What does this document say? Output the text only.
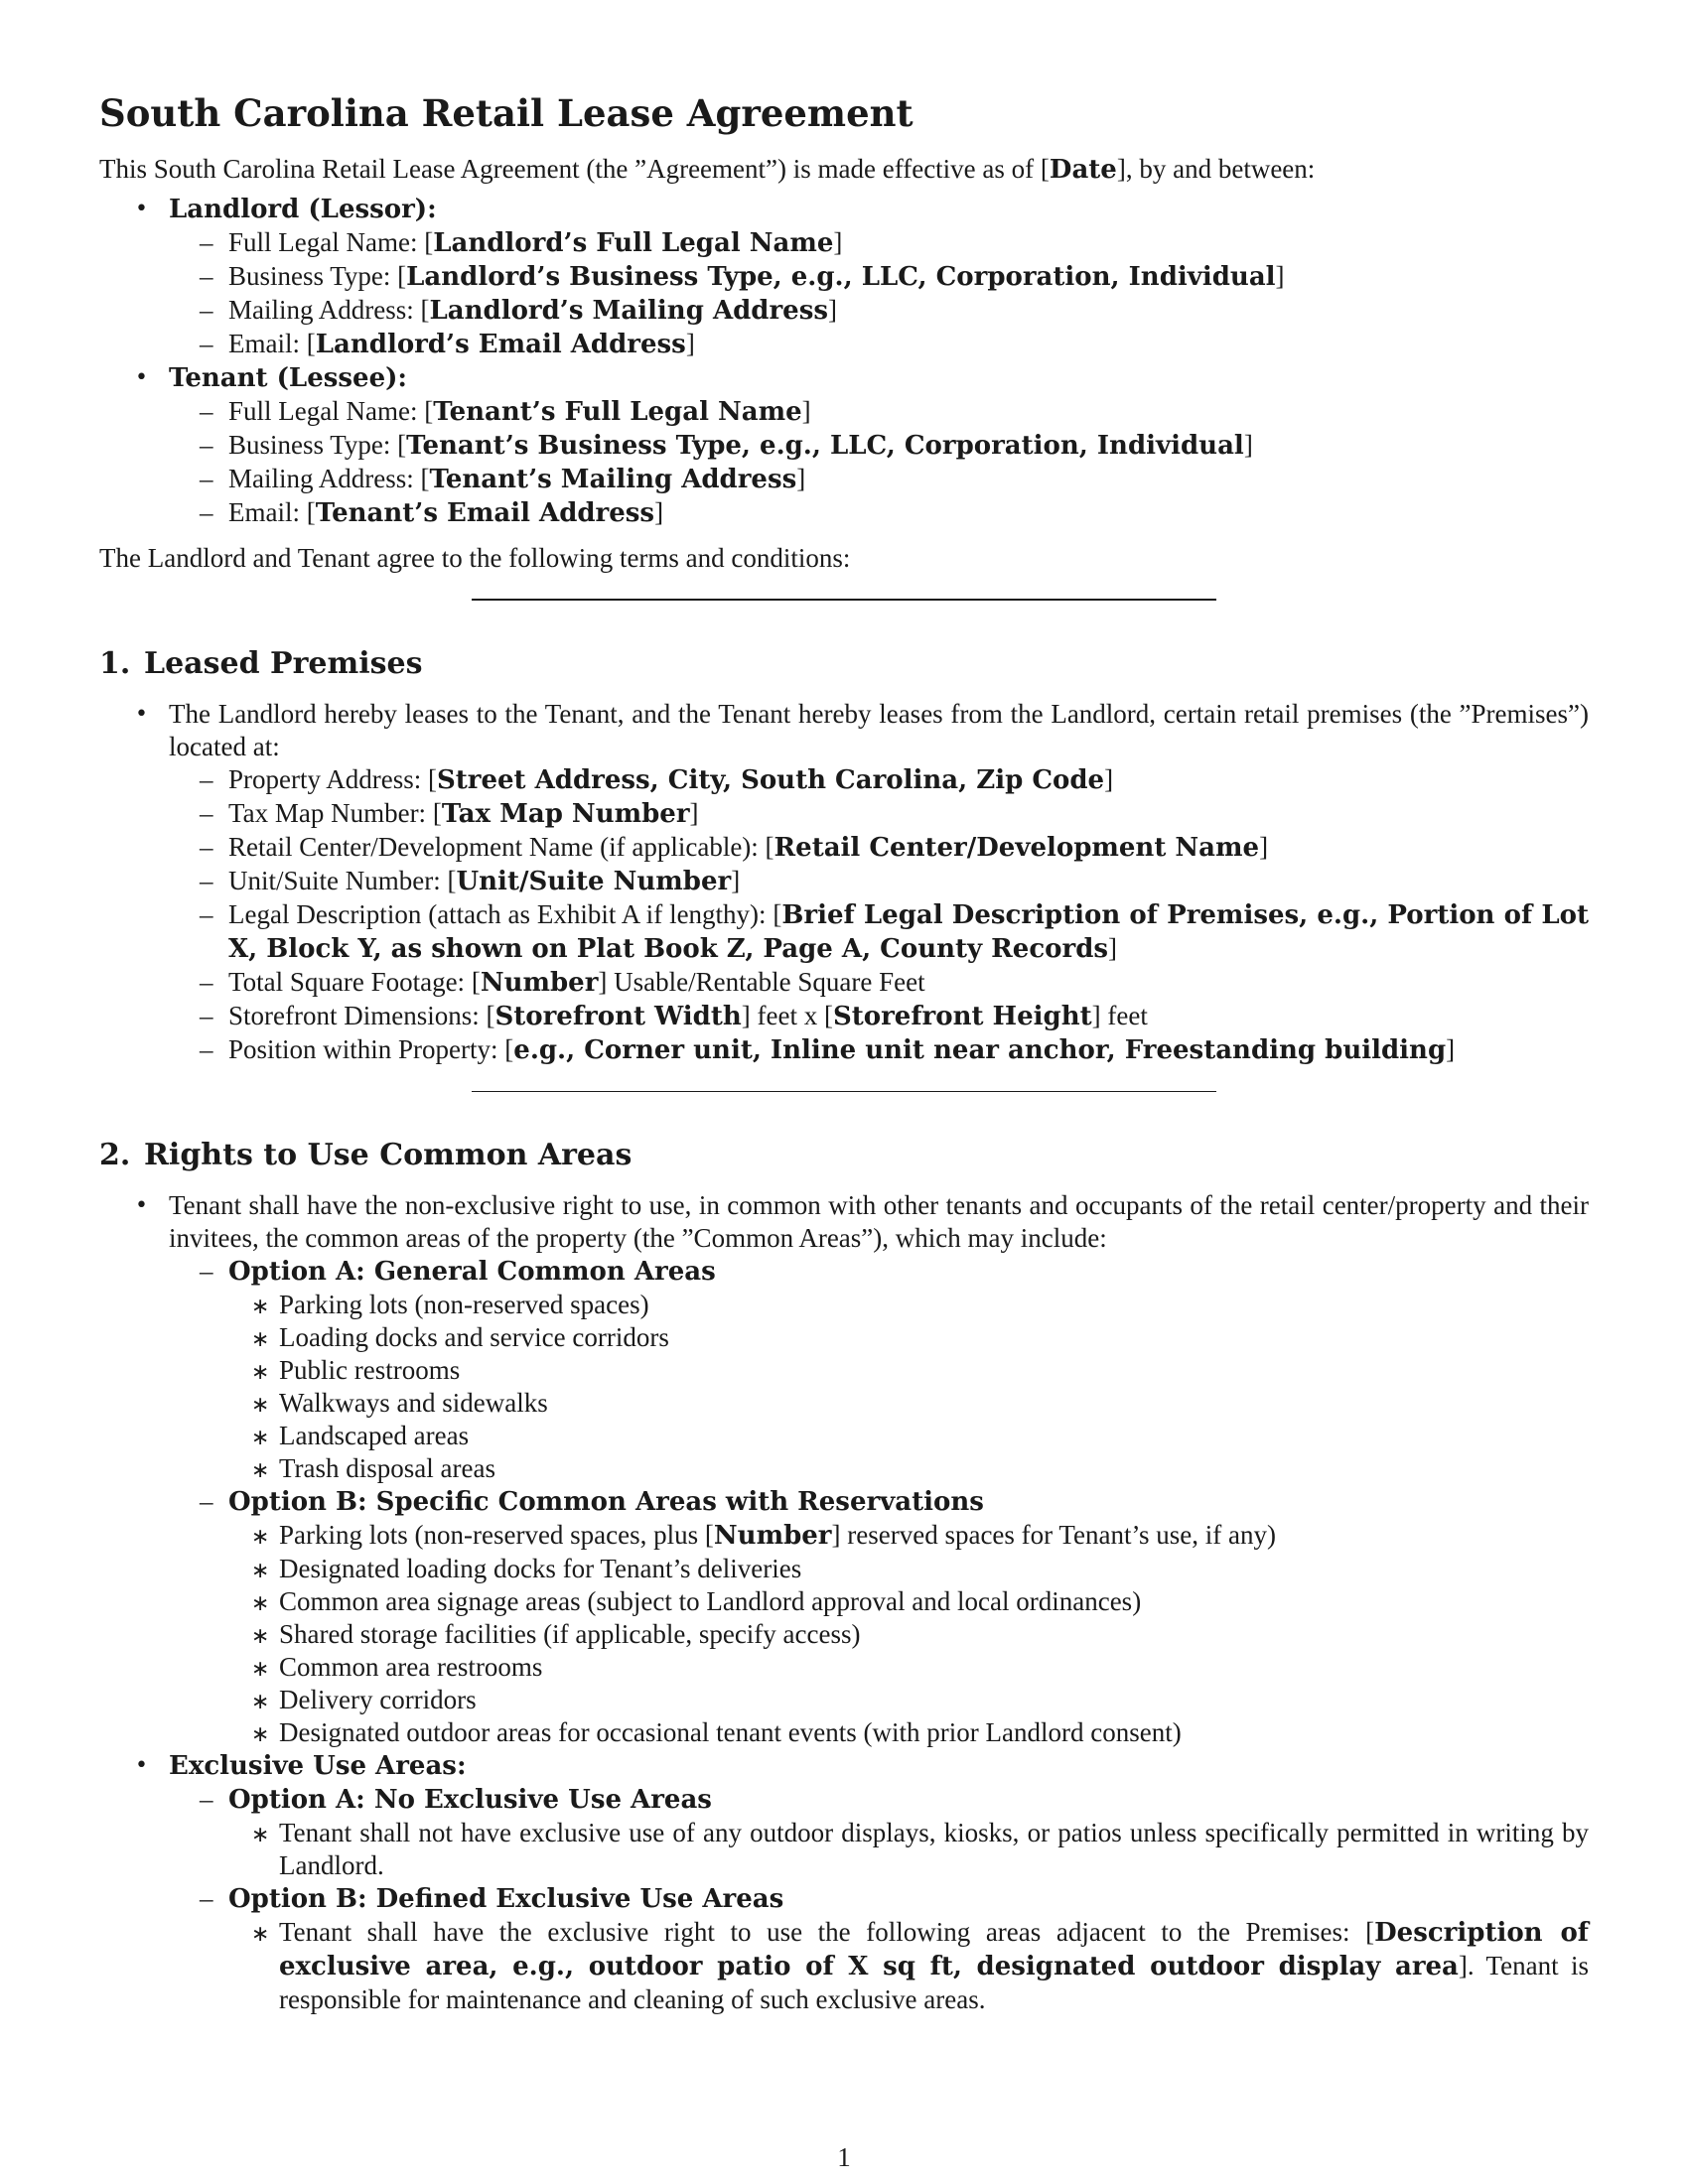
South Carolina Retail Lease Agreement

This South Carolina Retail Lease Agreement (the ”Agreement”) is made effective as of [Date], by and between:

• Landlord (Lessor):
– Full Legal Name: [Landlord’s Full Legal Name]
– Business Type: [Landlord’s Business Type, e.g., LLC, Corporation, Individual]
– Mailing Address: [Landlord’s Mailing Address]
– Email: [Landlord’s Email Address]
• Tenant (Lessee):
– Full Legal Name: [Tenant’s Full Legal Name]
– Business Type: [Tenant’s Business Type, e.g., LLC, Corporation, Individual]
– Mailing Address: [Tenant’s Mailing Address]
– Email: [Tenant’s Email Address]

The Landlord and Tenant agree to the following terms and conditions:

1. Leased Premises
• The Landlord hereby leases to the Tenant, and the Tenant hereby leases from the Landlord, certain retail premises (the ”Premises”) located at:
– Property Address: [Street Address, City, South Carolina, Zip Code]
– Tax Map Number: [Tax Map Number]
– Retail Center/Development Name (if applicable): [Retail Center/Development Name]
– Unit/Suite Number: [Unit/Suite Number]
– Legal Description (attach as Exhibit A if lengthy): [Brief Legal Description of Premises, e.g., Portion of Lot X, Block Y, as shown on Plat Book Z, Page A, County Records]
– Total Square Footage: [Number] Usable/Rentable Square Feet
– Storefront Dimensions: [Storefront Width] feet x [Storefront Height] feet
– Position within Property: [e.g., Corner unit, Inline unit near anchor, Freestanding building]
2. Rights to Use Common Areas
• Tenant shall have the non-exclusive right to use, in common with other tenants and occupants of the retail center/property and their invitees, the common areas of the property (the ”Common Areas”), which may include:
– Option A: General Common Areas
∗ Parking lots (non-reserved spaces)
∗ Loading docks and service corridors
∗ Public restrooms
∗ Walkways and sidewalks
∗ Landscaped areas
∗ Trash disposal areas
– Option B: Specific Common Areas with Reservations
∗ Parking lots (non-reserved spaces, plus [Number] reserved spaces for Tenant’s use, if any)
∗ Designated loading docks for Tenant’s deliveries
∗ Common area signage areas (subject to Landlord approval and local ordinances)
∗ Shared storage facilities (if applicable, specify access)
∗ Common area restrooms
∗ Delivery corridors
∗ Designated outdoor areas for occasional tenant events (with prior Landlord consent)
• Exclusive Use Areas:
– Option A: No Exclusive Use Areas
∗ Tenant shall not have exclusive use of any outdoor displays, kiosks, or patios unless specifically permitted in writing by Landlord.
– Option B: Defined Exclusive Use Areas
∗ Tenant shall have the exclusive right to use the following areas adjacent to the Premises: [Description of exclusive area, e.g., outdoor patio of X sq ft, designated outdoor display area]. Tenant is responsible for maintenance and cleaning of such exclusive areas.
1
